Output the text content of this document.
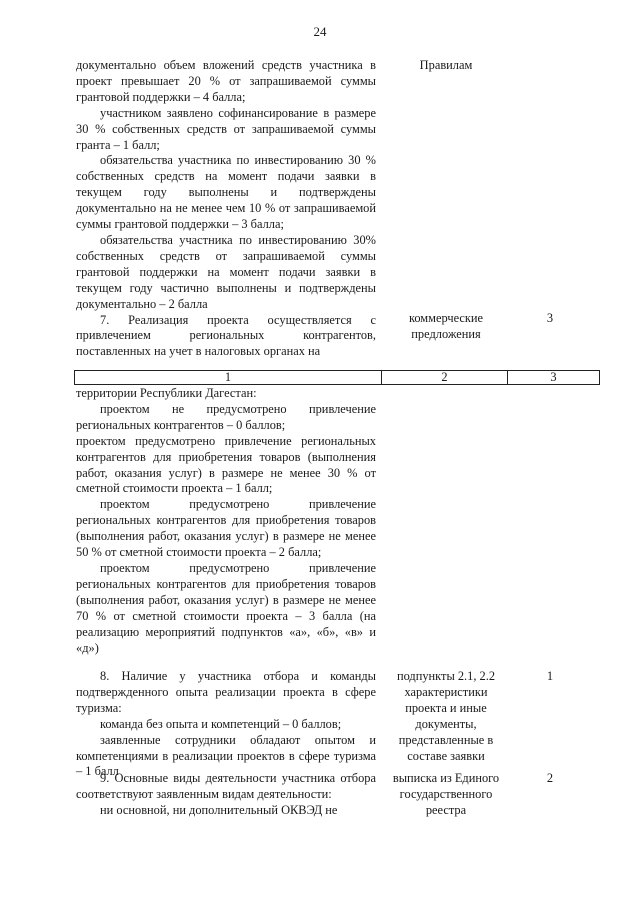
24

документально объем вложений средств участника в проект превышает 20 % от запрашиваемой суммы грантовой поддержки – 4 балла;

участником заявлено софинансирование в размере 30 % собственных средств от запрашиваемой суммы гранта – 1 балл;

обязательства участника по инвестированию 30 % собственных средств на момент подачи заявки в текущем году выполнены и подтверждены документально на не менее чем 10 % от запрашиваемой суммы грантовой поддержки – 3 балла;

обязательства участника по инвестированию 30% собственных средств от запрашиваемой суммы грантовой поддержки на момент подачи заявки в текущем году частично выполнены и подтверждены документально – 2 балла

7. Реализация проекта осуществляется с привлечением региональных контрагентов, поставленных на учет в налоговых органах на

Правилам
коммерческие предложения
3
1	2	3

территории Республики Дагестан:

проектом не предусмотрено привлечение региональных контрагентов – 0 баллов;

проектом предусмотрено привлечение региональных контрагентов для приобретения товаров (выполнения работ, оказания услуг) в размере не менее 30 % от сметной стоимости проекта – 1 балл;

проектом предусмотрено привлечение региональных контрагентов для приобретения товаров (выполнения работ, оказания услуг) в размере не менее 50 % от сметной стоимости проекта – 2 балла;

проектом предусмотрено привлечение региональных контрагентов для приобретения товаров (выполнения работ, оказания услуг) в размере не менее 70 % от сметной стоимости проекта – 3 балла (на реализацию мероприятий подпунктов «а», «б», «в» и «д»)

8. Наличие у участника отбора и команды подтвержденного опыта реализации проекта в сфере туризма:

команда без опыта и компетенций – 0 баллов;

заявленные сотрудники обладают опытом и компетенциями в реализации проектов в сфере туризма – 1 балл

подпункты 2.1, 2.2 характеристики проекта и иные документы, представленные в составе заявки
1

9. Основные виды деятельности участника отбора соответствуют заявленным видам деятельности:

ни основной, ни дополнительный ОКВЭД не

выписка из Единого государственного реестра
2
